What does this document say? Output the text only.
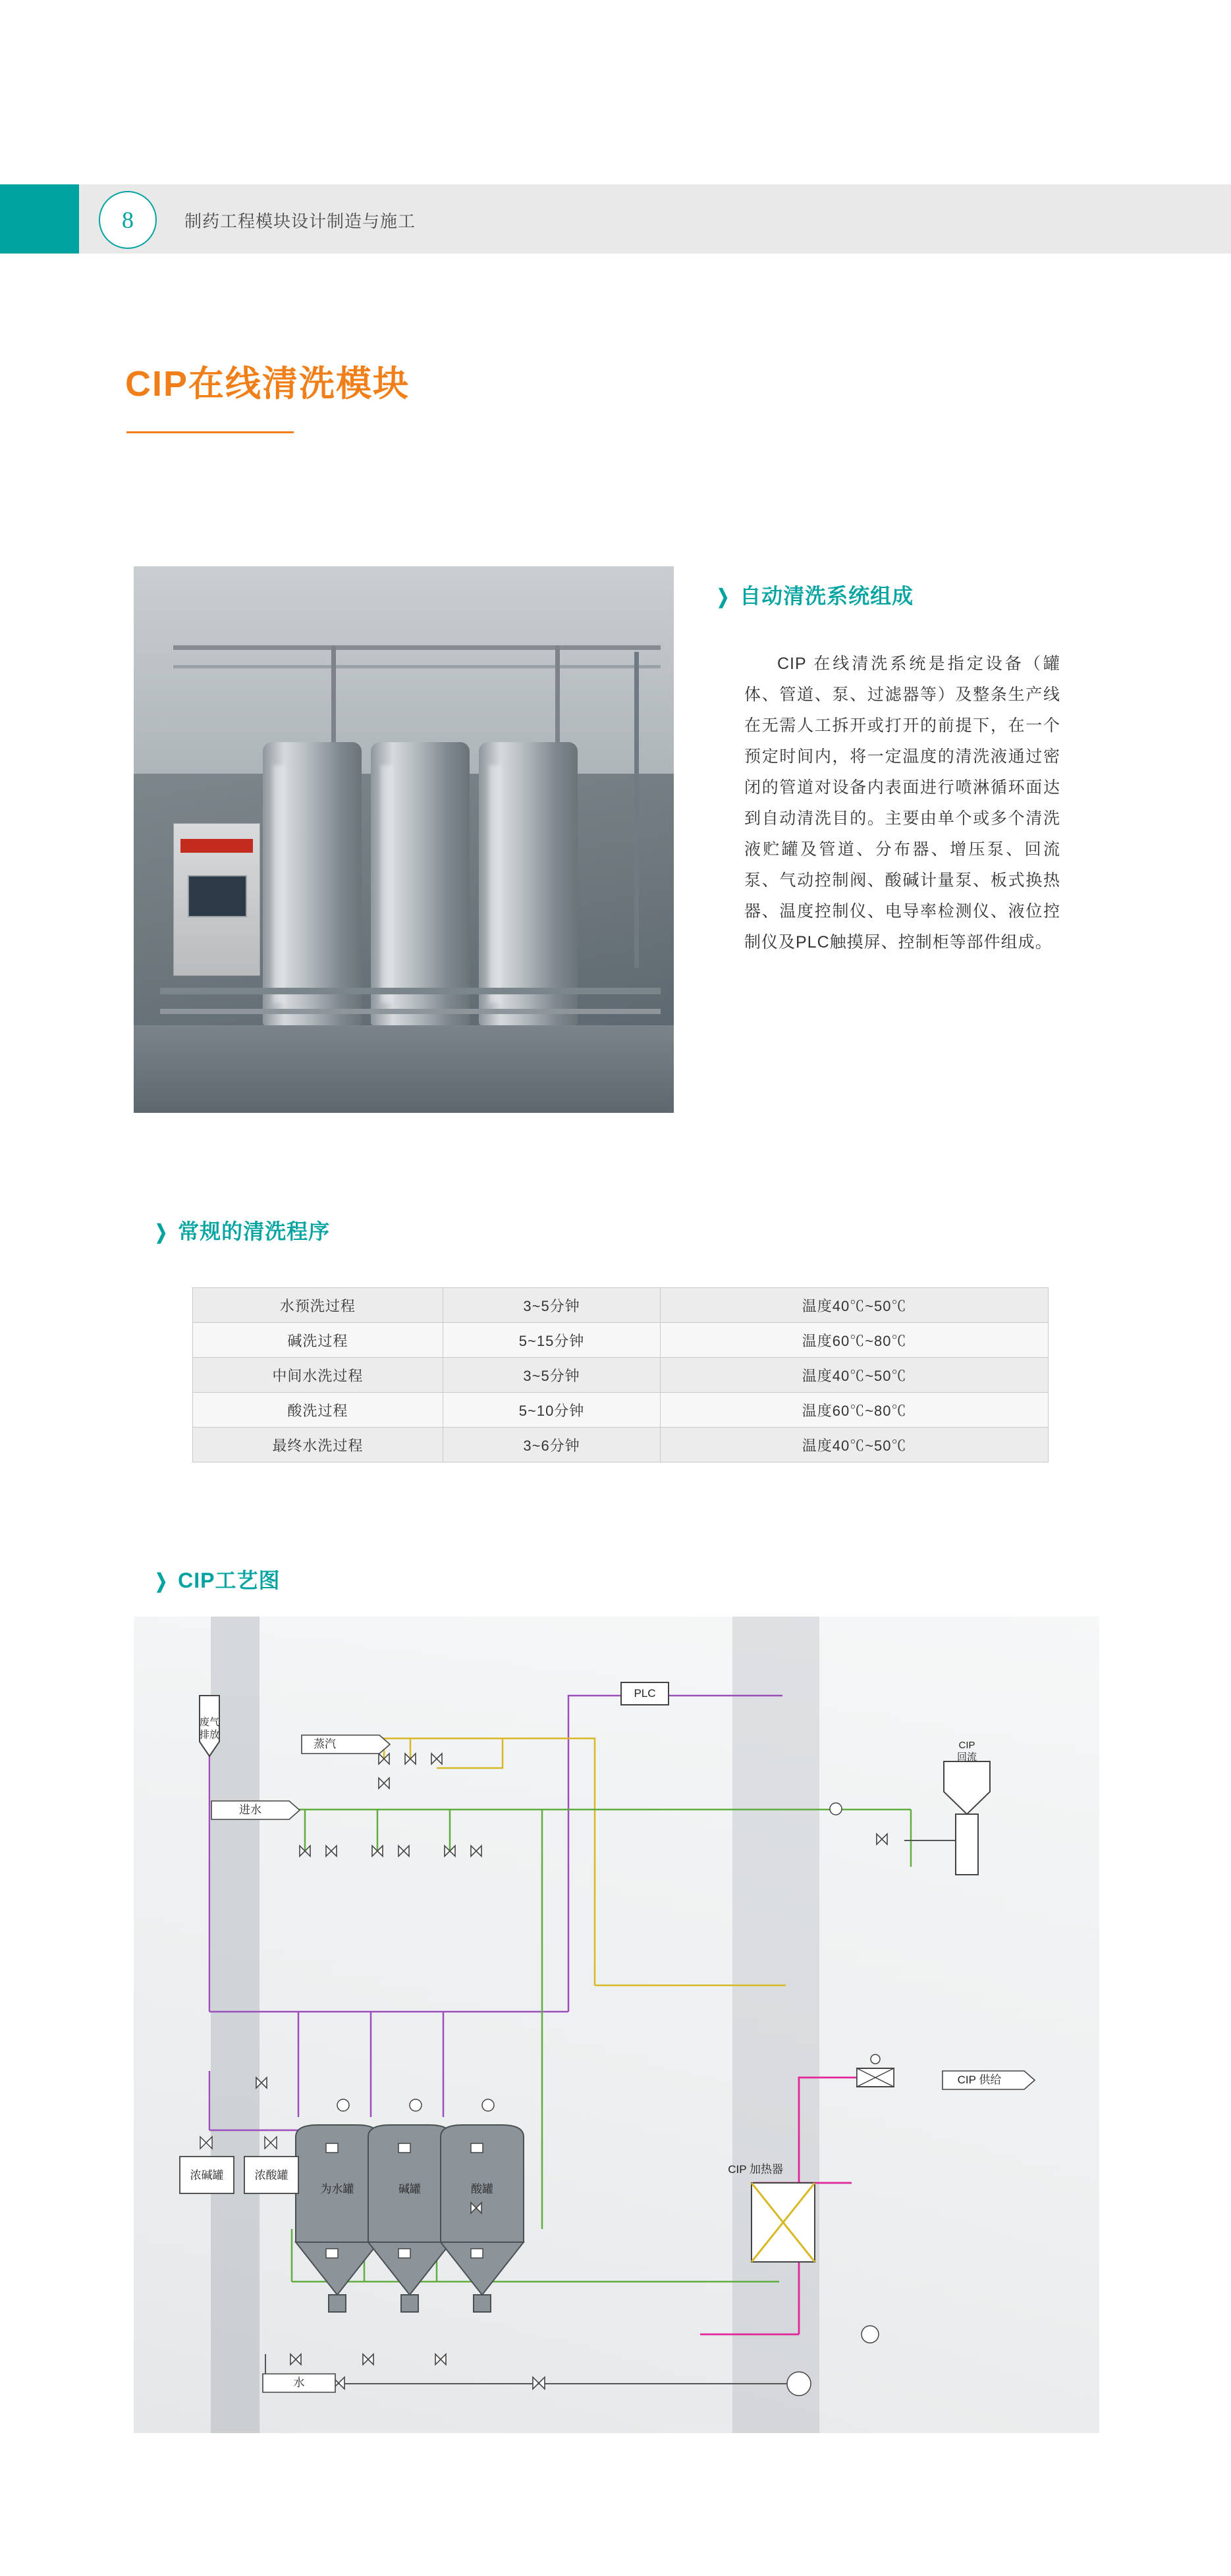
8	制药工程模块设计制造与施工
CIP在线清洗模块
❯ 自动清洗系统组成
CIP 在线清洗系统是指定设备（罐体、管道、泵、过滤器等）及整条生产线在无需人工拆开或打开的前提下，在一个预定时间内，将一定温度的清洗液通过密闭的管道对设备内表面进行喷淋循环面达到自动清洗目的。主要由单个或多个清洗液贮罐及管道、分布器、增压泵、回流泵、气动控制阀、酸碱计量泵、板式换热器、温度控制仪、电导率检测仪、液位控制仪及PLC触摸屏、控制柜等部件组成。
❯ 常规的清洗程序
水预洗过程	3~5分钟	温度40℃~50℃
碱洗过程	5~15分钟	温度60℃~80℃
中间水洗过程	3~5分钟	温度40℃~50℃
酸洗过程	5~10分钟	温度60℃~80℃
最终水洗过程	3~6分钟	温度40℃~50℃
❯ CIP工艺图
PLC
蒸汽
进水
水
CIP 供给
浓碱罐	浓酸罐
废气
排放
CIP
回流
为水罐	碱罐	酸罐
CIP 加热器
